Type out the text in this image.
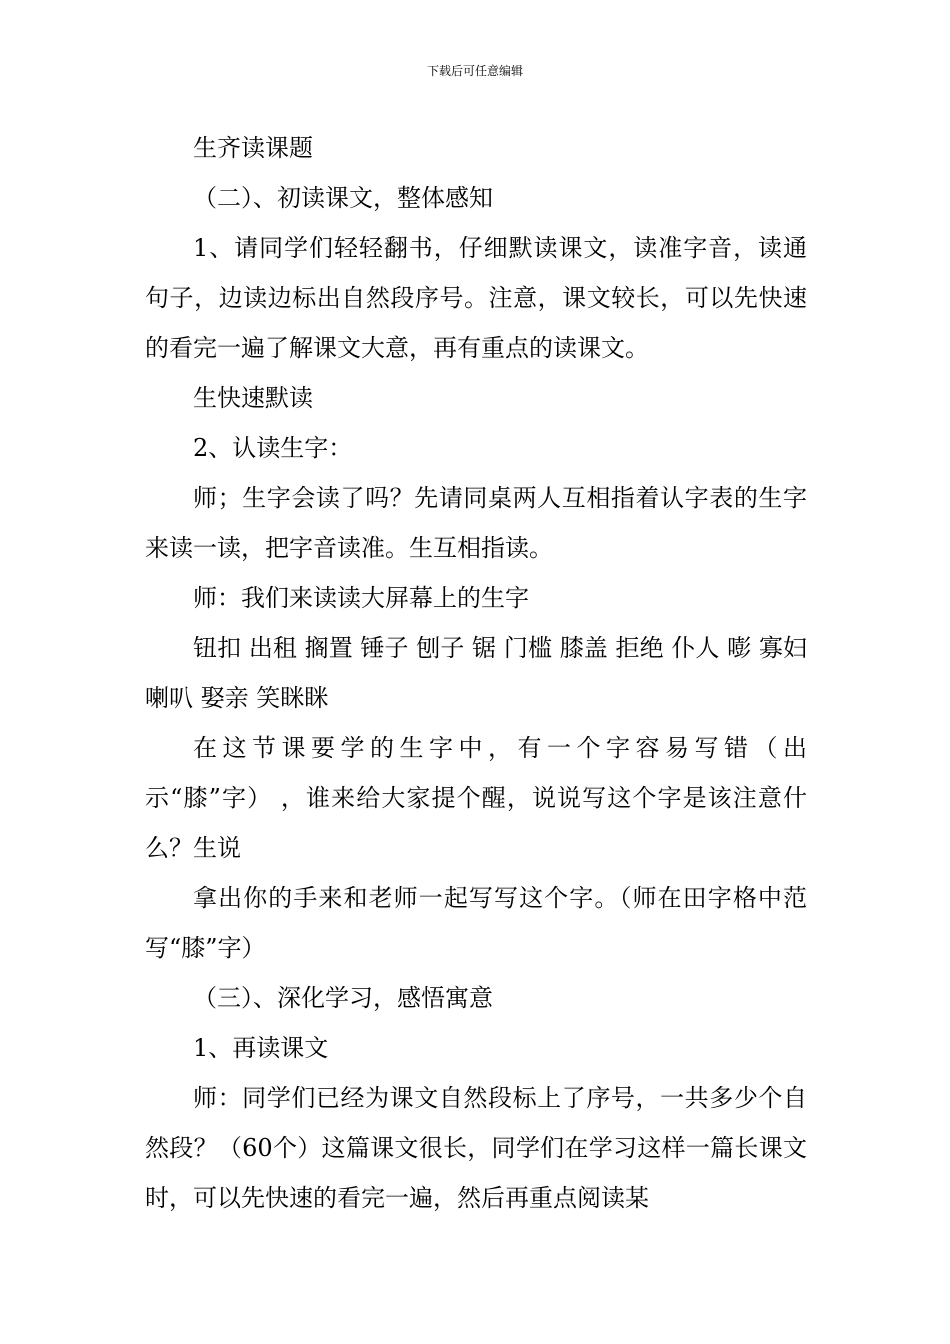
下载后可任意编辑

生齐读课题

（二）、初读课文，整体感知

1、请同学们轻轻翻书，仔细默读课文，读准字音，读通句子，边读边标出自然段序号。注意，课文较长，可以先快速的看完一遍了解课文大意，再有重点的读课文。

生快速默读

2、认读生字：

师；生字会读了吗？先请同桌两人互相指着认字表的生字来读一读，把字音读准。生互相指读。

师：我们来读读大屏幕上的生字

钮扣 出租 搁置 锤子 刨子 锯 门槛 膝盖 拒绝 仆人 嘭 寡妇喇叭 娶亲 笑眯眯

在这节课要学的生字中，有一个字容易写错（出示“膝”字） ，谁来给大家提个醒，说说写这个字是该注意什么？生说

拿出你的手来和老师一起写写这个字。（师在田字格中范写“膝”字）

（三）、深化学习，感悟寓意

1、再读课文

师：同学们已经为课文自然段标上了序号，一共多少个自然段？（60个）这篇课文很长，同学们在学习这样一篇长课文时，可以先快速的看完一遍，然后再重点阅读某
